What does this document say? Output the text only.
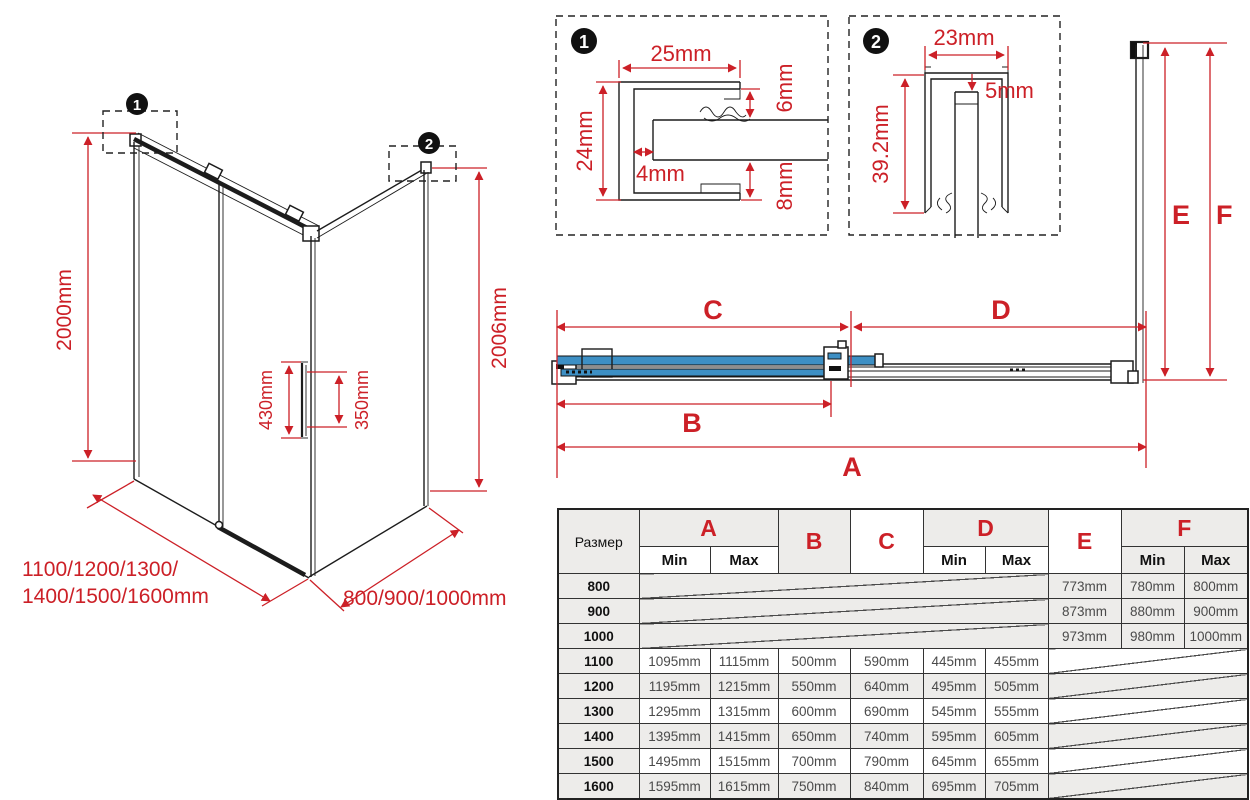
2000mm	2006mm
430mm	350mm
1100/1200/1300/
1400/1500/1600mm	800/900/1000mm
1
2
1	25mm
24mm
4mm
6mm
8mm
2 23mm
5mm
39.2mm
C	D
B
A
E F
Размер	A		B	C	D		E	F	
	Min	Max			Min	Max		Min	Max
800							773mm	780mm	800mm
900							873mm	880mm	900mm
1000							973mm	980mm	1000mm
1100	1095mm	1115mm	500mm	590mm	445mm	455mm			
1200	1195mm	1215mm	550mm	640mm	495mm	505mm			
1300	1295mm	1315mm	600mm	690mm	545mm	555mm			
1400	1395mm	1415mm	650mm	740mm	595mm	605mm			
1500	1495mm	1515mm	700mm	790mm	645mm	655mm			
1600	1595mm	1615mm	750mm	840mm	695mm	705mm			
